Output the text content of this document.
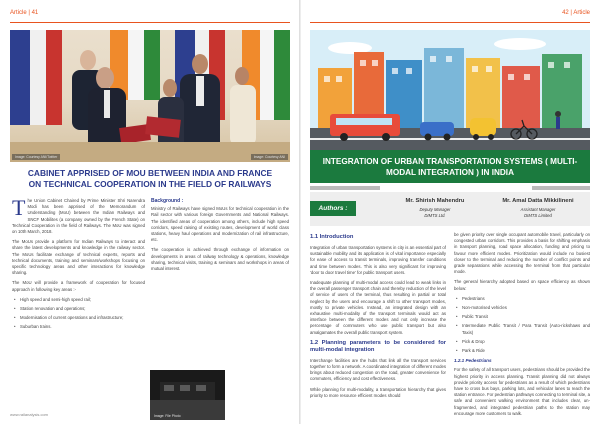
Article | 41
Image: Courtesy ANI/Twitter	Image: Courtesy ANI
CABINET APPRISED OF MOU BETWEEN INDIA AND FRANCE ON TECHNICAL COOPERATION IN THE FIELD OF RAILWAYS

The Union Cabinet Chaired by Prime Minister Shri Narendra Modi has been apprised of the Memorandum of Understanding (MoU) between the Indian Railways and SNCF Mobilites (a company owned by the French State) on Technical Cooperation in the field of Railways. The MoU was signed on 10th March, 2018.

The MoUs provide a platform for Indian Railways to interact and share the latest developments and knowledge in the railway sector. The MoUs facilitate exchange of technical experts, reports and technical documents, training and seminars/workshops focusing on specific technology areas and other interactions for knowledge sharing.

The MoU will provide a framework of cooperation for focused approach in following key areas :-

• High speed and semi-high speed rail;
• Station renovation and operations;
• Modernisation of current operations and infrastructure;
• Suburban trains.
Background :

Ministry of Railways have signed MoUs for technical cooperation in the Rail sector with various foreign Governments and National Railways. The identified areas of cooperation among others, include high speed corridors, speed raising of existing routes, development of world class stations, heavy haul operations and modernization of rail infrastructure, etc.

The cooperation is achieved through exchange of information on developments in areas of railway technology & operations, knowledge sharing, technical visits, training & seminars and workshops in areas of mutual interest.

Image: File Photo
www.railanalysis.com
42 | Article
INTEGRATION OF URBAN TRANSPORTATION SYSTEMS ( MULTI-MODAL INTEGRATION ) IN INDIA
Authors :
Mr. Shirish Mahendru
Deputy Manager
DIMTS Ltd.
Mr. Amal Datta Mikkilineni
Assistant Manager
DIMTS Limited
1.1 Introduction

Integration of urban transportation systems in city is an essential part of sustainable mobility and its application is of vital importance especially for ease of access to transit terminals, improving transfer conditions and time between modes. This is also very significant for improving 'door to door travel time' for public transport users.

Inadequate planning of multi-modal access could lead to weak links in the overall passenger transport chain and thereby reduction of the level of service of users of the terminal, thus resulting in partial or total neglect by the users and encourage a shift to other transport modes, mostly to private vehicles. Instead, an integrated design with an exhaustive multi-modality of the transport terminals would act as interface between the different modes and not only increase the percentage of commuters who use public transport but also amalgamates the overall public transport system.

1.2 Planning parameters to be considered for multi-modal integration

Interchange facilities are the hubs that link all the transport services together to form a network. A coordinated integration of different modes brings about reduced congestion on the road, greater convenience for commuters, efficiency and cost effectiveness.

While planning for multi-modality, a transportation hierarchy that gives priority to more resource efficient modes should

be given priority over single occupant automobile travel, particularly on congested urban corridors. This provides a basis for shifting emphasis in transport planning, road space allocation, funding and pricing to favour more efficient modes. Prioritization would include no busiest closer to the terminal and reducing the number of conflict points and grade separations while accessing the terminal from that particular mode.

The general hierarchy adopted based on space efficiency as shown below:

• Pedestrians
• Non-motorised vehicles
• Public Transit
• Intermediate Public Transit / Para Transit (Auto-rickshaws and Taxis)
• Pick & Drop
• Park & Ride
1.2.1 Pedestrians

For the safety of all transport users, pedestrians should be provided the highest priority in access planning. Transit planning did not always provide priority access for pedestrians as a result of which pedestrians have to cross bus bays, parking lots, and vehicular lanes to reach the station entrance. For pedestrian pathways connecting to terminal site, a safe and convenient walking environment that includes clear, un-fragmented, and integrated pedestrian paths to the station may encourage more customers to walk.
